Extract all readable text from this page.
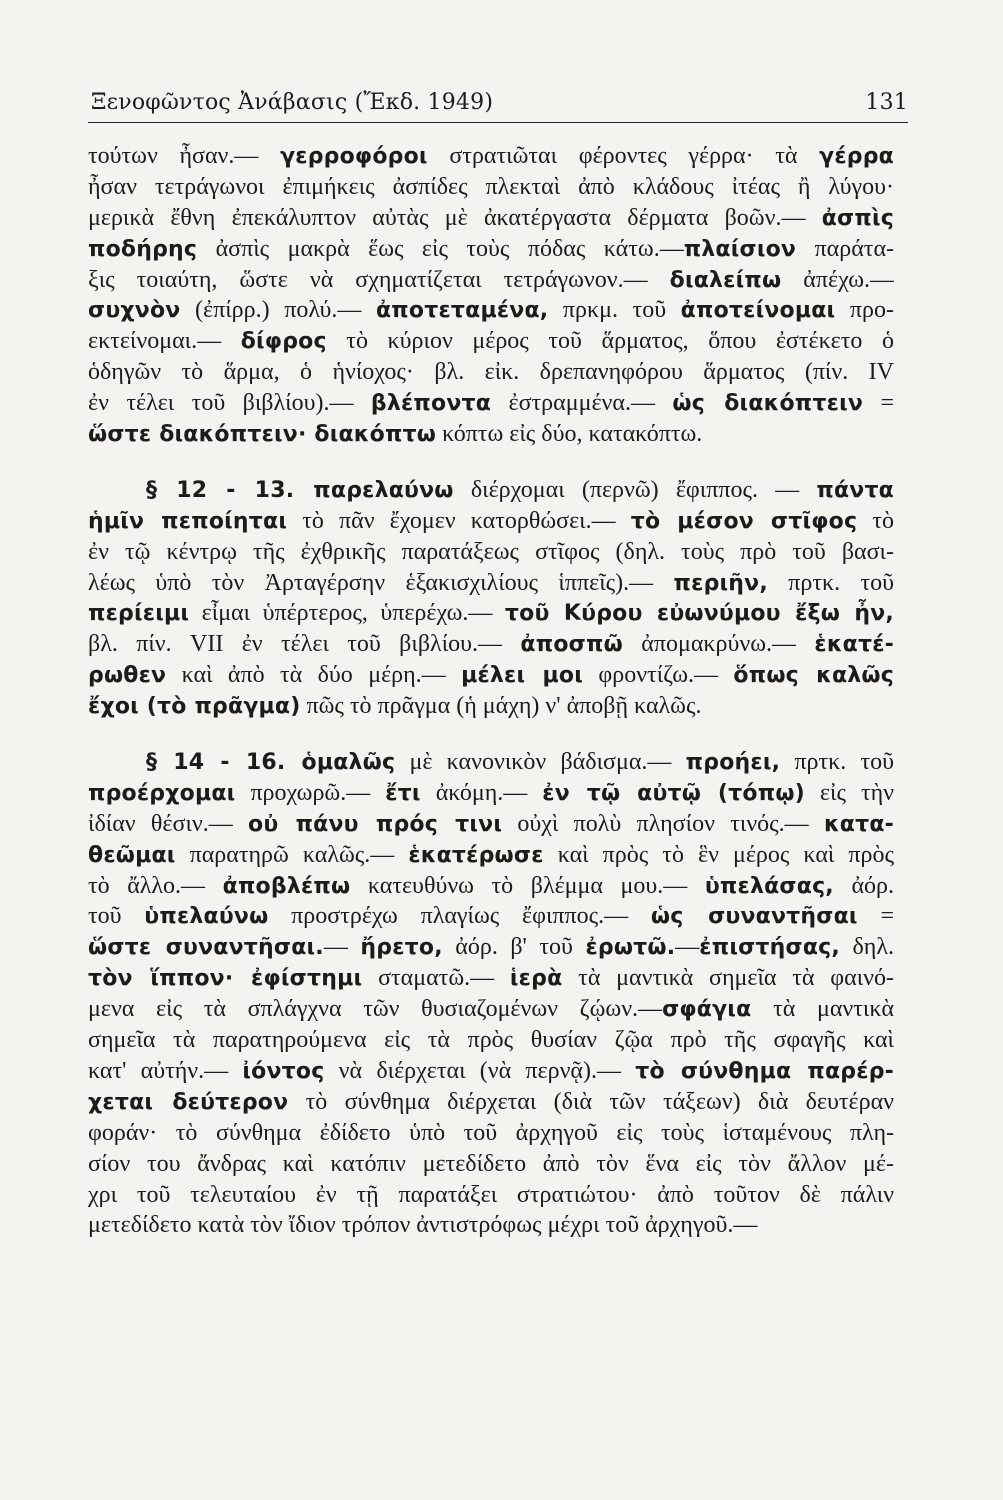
Ξενοφῶντος Ἀνάβασις (Ἔκδ. 1949)	131

τούτων ἦσαν.— γερροφόροι στρατιῶται φέροντες γέρρα· τὰ γέρρα
ἦσαν τετράγωνοι ἐπιμήκεις ἀσπίδες πλεκταὶ ἀπὸ κλάδους ἰτέας ἢ λύγου·
μερικὰ ἔθνη ἐπεκάλυπτον αὐτὰς μὲ ἀκατέργαστα δέρματα βοῶν.— ἀσπὶς
ποδήρης ἀσπὶς μακρὰ ἕως εἰς τοὺς πόδας κάτω.—πλαίσιον παράτα-
ξις τοιαύτη, ὥστε νὰ σχηματίζεται τετράγωνον.— διαλείπω ἀπέχω.—
συχνὸν (ἐπίρρ.) πολύ.— ἀποτεταμένα, πρκμ. τοῦ ἀποτείνομαι προ-
εκτείνομαι.— δίφρος τὸ κύριον μέρος τοῦ ἅρματος, ὅπου ἐστέκετο ὁ
ὁδηγῶν τὸ ἅρμα, ὁ ἡνίοχος· βλ. εἰκ. δρεπανηφόρου ἅρματος (πίν. IV
ἐν τέλει τοῦ βιβλίου).— βλέποντα ἐστραμμένα.— ὡς διακόπτειν =
ὥστε διακόπτειν· διακόπτω κόπτω εἰς δύο, κατακόπτω.

§ 12 - 13. παρελαύνω διέρχομαι (περνῶ) ἔφιππος. — πάντα
ἡμῖν πεποίηται τὸ πᾶν ἔχομεν κατορθώσει.— τὸ μέσον στῖφος τὸ
ἐν τῷ κέντρῳ τῆς ἐχθρικῆς παρατάξεως στῖφος (δηλ. τοὺς πρὸ τοῦ βασι-
λέως ὑπὸ τὸν Ἀρταγέρσην ἑξακισχιλίους ἱππεῖς).— περιῆν, πρτκ. τοῦ
περίειμι εἶμαι ὑπέρτερος, ὑπερέχω.— τοῦ Κύρου εὐωνύμου ἔξω ἦν,
βλ. πίν. VII ἐν τέλει τοῦ βιβλίου.— ἀποσπῶ ἀπομακρύνω.— ἑκατέ-
ρωθεν καὶ ἀπὸ τὰ δύο μέρη.— μέλει μοι φροντίζω.— ὅπως καλῶς
ἔχοι (τὸ πρᾶγμα) πῶς τὸ πρᾶγμα (ἡ μάχη) ν' ἀποβῇ καλῶς.

§ 14 - 16. ὁμαλῶς μὲ κανονικὸν βάδισμα.— προήει, πρτκ. τοῦ
προέρχομαι προχωρῶ.— ἔτι ἀκόμη.— ἐν τῷ αὐτῷ (τόπῳ) εἰς τὴν
ἰδίαν θέσιν.— οὐ πάνυ πρός τινι οὐχὶ πολὺ πλησίον τινός.— κατα-
θεῶμαι παρατηρῶ καλῶς.— ἑκατέρωσε καὶ πρὸς τὸ ἓν μέρος καὶ πρὸς
τὸ ἄλλο.— ἀποβλέπω κατευθύνω τὸ βλέμμα μου.— ὑπελάσας, ἀόρ.
τοῦ ὑπελαύνω προστρέχω πλαγίως ἔφιππος.— ὡς συναντῆσαι =
ὥστε συναντῆσαι.— ἤρετο, ἀόρ. β' τοῦ ἐρωτῶ.—ἐπιστήσας, δηλ.
τὸν ἵππον· ἐφίστημι σταματῶ.— ἱερὰ τὰ μαντικὰ σημεῖα τὰ φαινό-
μενα εἰς τὰ σπλάγχνα τῶν θυσιαζομένων ζῴων.—σφάγια τὰ μαντικὰ
σημεῖα τὰ παρατηρούμενα εἰς τὰ πρὸς θυσίαν ζῷα πρὸ τῆς σφαγῆς καὶ
κατ' αὐτήν.— ἰόντος νὰ διέρχεται (νὰ περνᾷ).— τὸ σύνθημα παρέρ-
χεται δεύτερον τὸ σύνθημα διέρχεται (διὰ τῶν τάξεων) διὰ δευτέραν
φοράν· τὸ σύνθημα ἐδίδετο ὑπὸ τοῦ ἀρχηγοῦ εἰς τοὺς ἱσταμένους πλη-
σίον του ἄνδρας καὶ κατόπιν μετεδίδετο ἀπὸ τὸν ἕνα εἰς τὸν ἄλλον μέ-
χρι τοῦ τελευταίου ἐν τῇ παρατάξει στρατιώτου· ἀπὸ τοῦτον δὲ πάλιν
μετεδίδετο κατὰ τὸν ἴδιον τρόπον ἀντιστρόφως μέχρι τοῦ ἀρχηγοῦ.—
